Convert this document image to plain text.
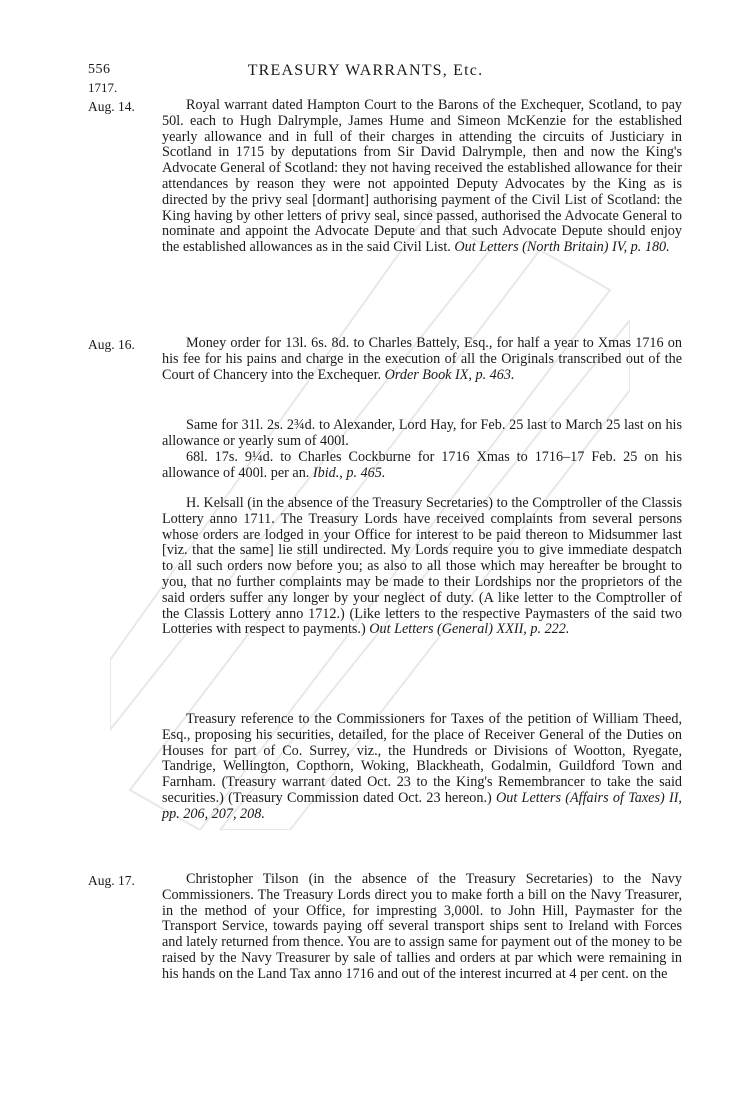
556	TREASURY WARRANTS, Etc.
1717.
Aug. 14.	Royal warrant dated Hampton Court to the Barons of the Exchequer, Scotland, to pay 50l. each to Hugh Dalrymple, James Hume and Simeon McKenzie for the established yearly allowance and in full of their charges in attending the circuits of Justiciary in Scotland in 1715 by deputations from Sir David Dalrymple, then and now the King's Advocate General of Scotland: they not having received the established allowance for their attendances by reason they were not appointed Deputy Advocates by the King as is directed by the privy seal [dormant] authorising payment of the Civil List of Scotland: the King having by other letters of privy seal, since passed, authorised the Advocate General to nominate and appoint the Advocate Depute and that such Advocate Depute should enjoy the established allowances as in the said Civil List. Out Letters (North Britain) IV, p. 180.

Aug. 16.	Money order for 13l. 6s. 8d. to Charles Battely, Esq., for half a year to Xmas 1716 on his fee for his pains and charge in the execution of all the Originals transcribed out of the Court of Chancery into the Exchequer. Order Book IX, p. 463.

Same for 31l. 2s. 2¾d. to Alexander, Lord Hay, for Feb. 25 last to March 25 last on his allowance or yearly sum of 400l.

68l. 17s. 9¼d. to Charles Cockburne for 1716 Xmas to 1716–17 Feb. 25 on his allowance of 400l. per an. Ibid., p. 465.

H. Kelsall (in the absence of the Treasury Secretaries) to the Comptroller of the Classis Lottery anno 1711. The Treasury Lords have received complaints from several persons whose orders are lodged in your Office for interest to be paid thereon to Midsummer last [viz. that the same] lie still undirected. My Lords require you to give immediate despatch to all such orders now before you; as also to all those which may hereafter be brought to you, that no further complaints may be made to their Lordships nor the proprietors of the said orders suffer any longer by your neglect of duty. (A like letter to the Comptroller of the Classis Lottery anno 1712.) (Like letters to the respective Paymasters of the said two Lotteries with respect to payments.) Out Letters (General) XXII, p. 222.

Treasury reference to the Commissioners for Taxes of the petition of William Theed, Esq., proposing his securities, detailed, for the place of Receiver General of the Duties on Houses for part of Co. Surrey, viz., the Hundreds or Divisions of Wootton, Ryegate, Tandrige, Wellington, Copthorn, Woking, Blackheath, Godalmin, Guildford Town and Farnham. (Treasury warrant dated Oct. 23 to the King's Remembrancer to take the said securities.) (Treasury Commission dated Oct. 23 hereon.) Out Letters (Affairs of Taxes) II, pp. 206, 207, 208.

Aug. 17.	Christopher Tilson (in the absence of the Treasury Secretaries) to the Navy Commissioners. The Treasury Lords direct you to make forth a bill on the Navy Treasurer, in the method of your Office, for impresting 3,000l. to John Hill, Paymaster for the Transport Service, towards paying off several transport ships sent to Ireland with Forces and lately returned from thence. You are to assign same for payment out of the money to be raised by the Navy Treasurer by sale of tallies and orders at par which were remaining in his hands on the Land Tax anno 1716 and out of the interest incurred at 4 per cent. on the
